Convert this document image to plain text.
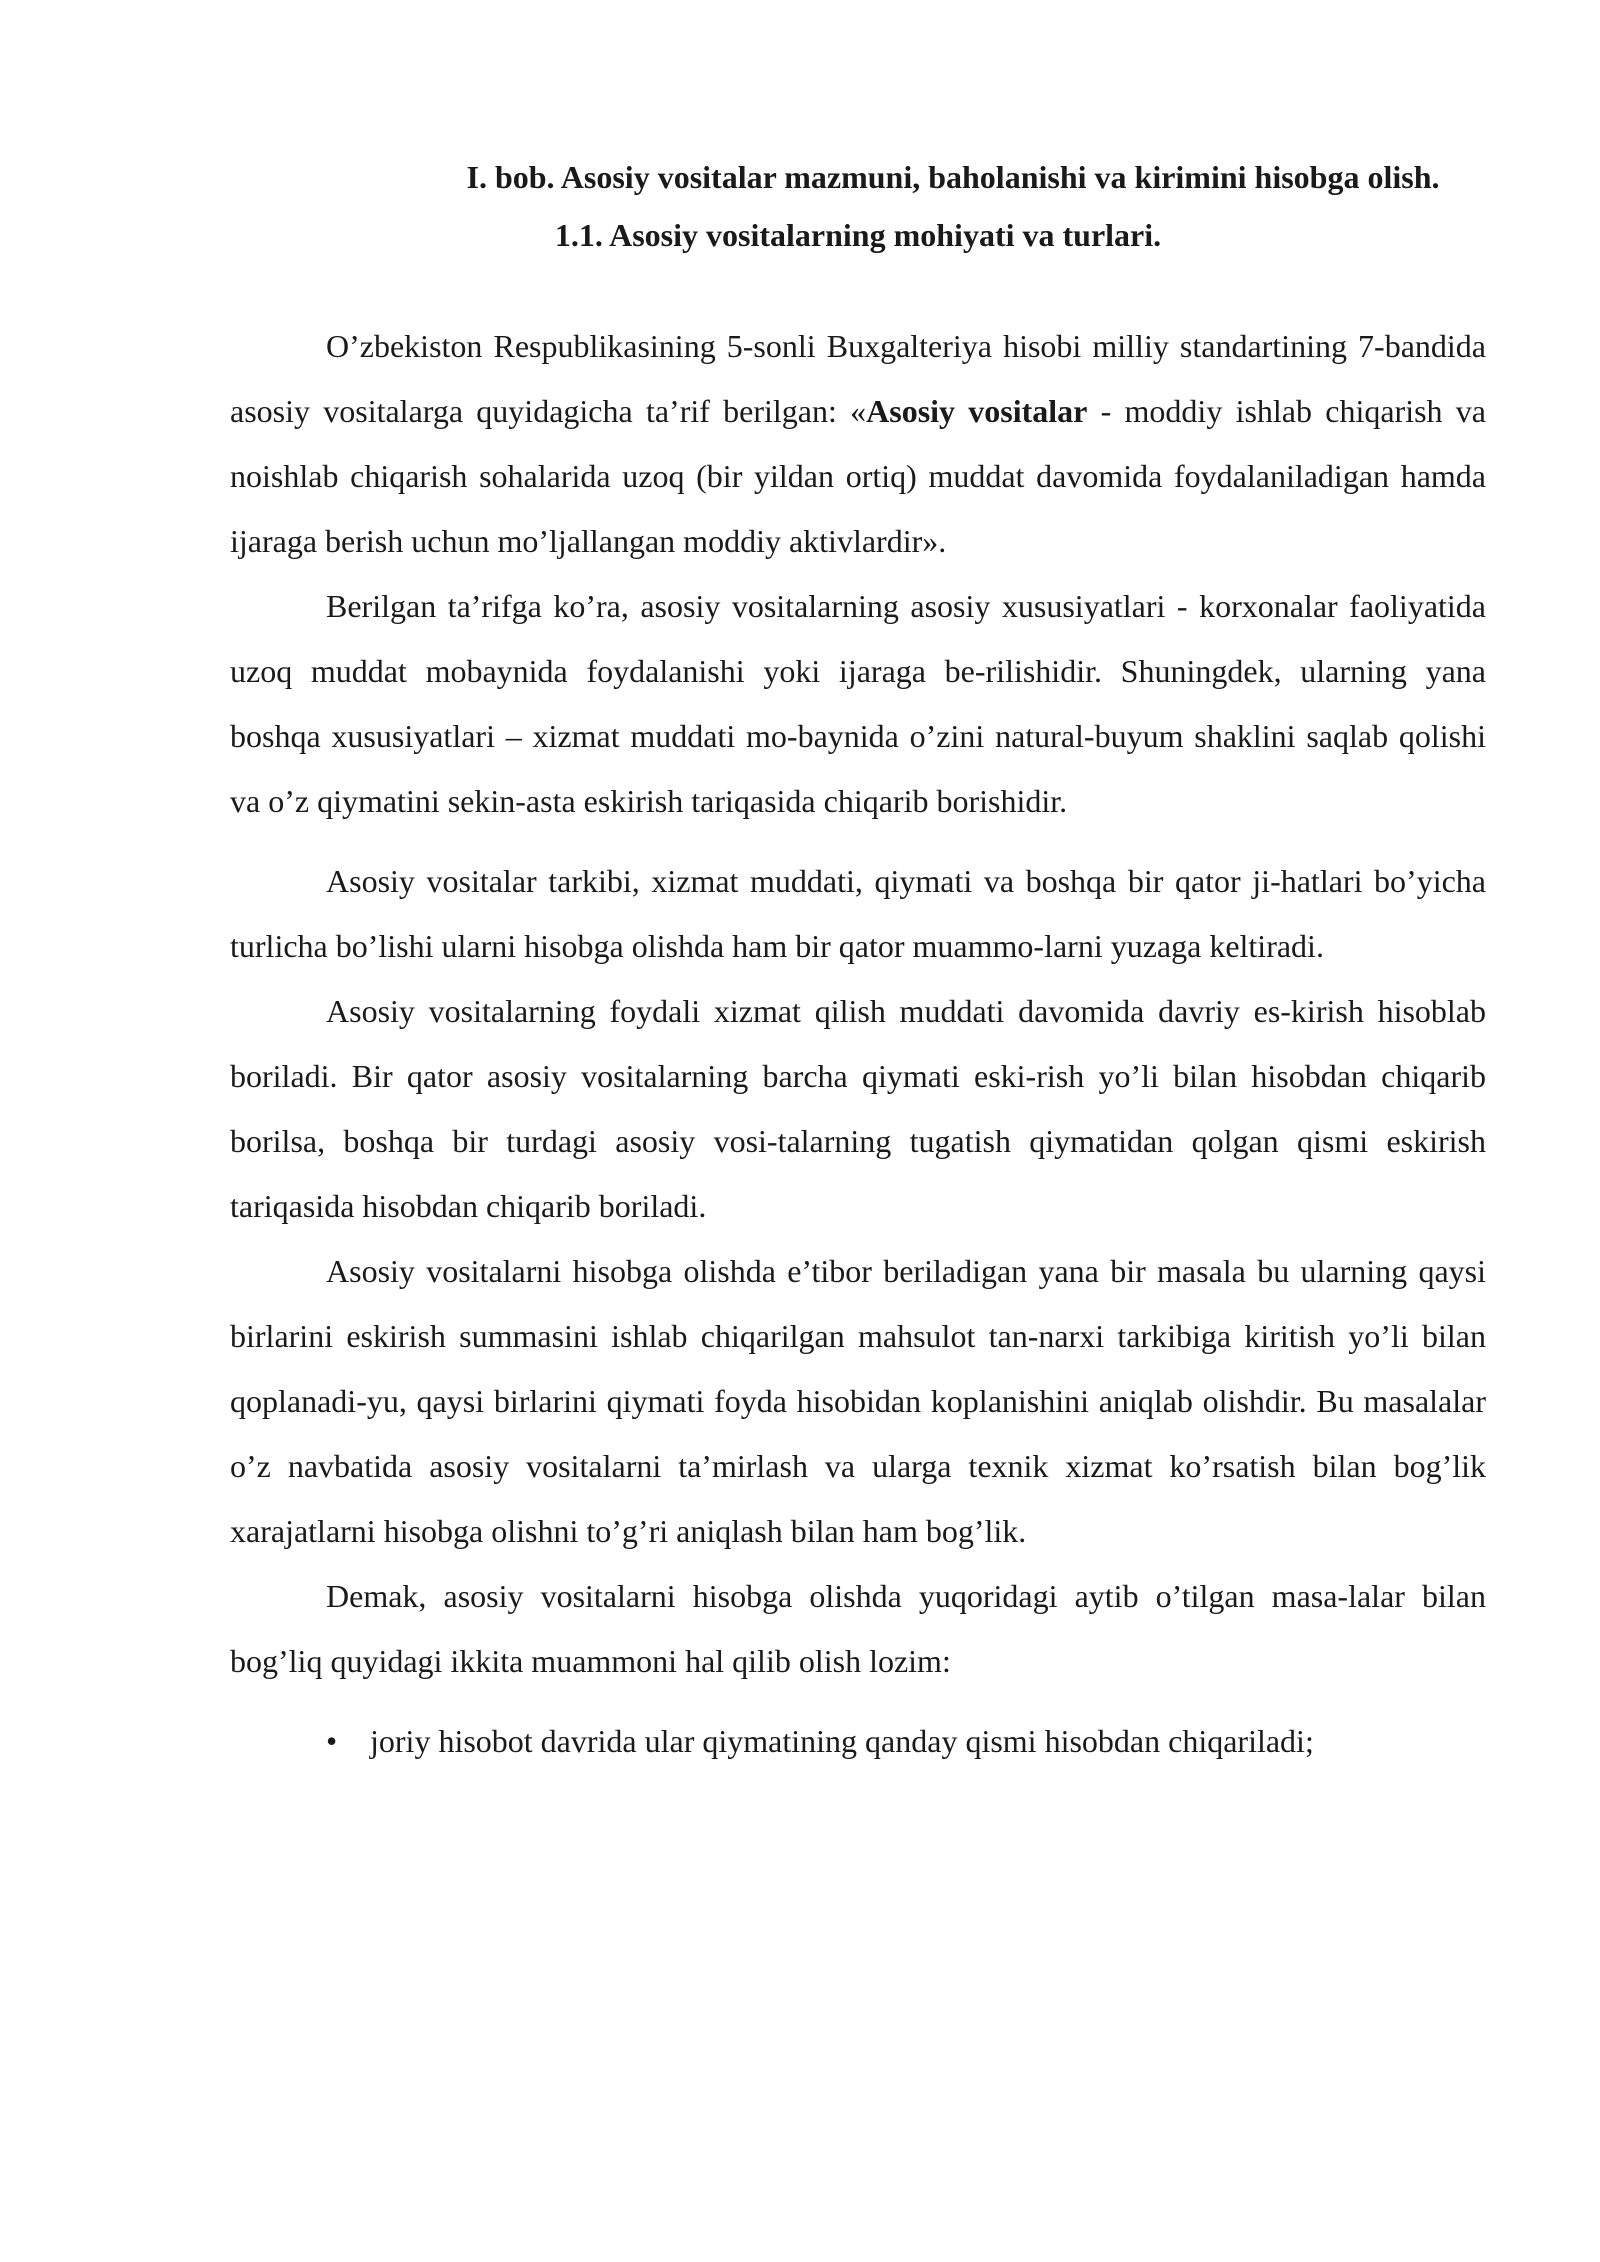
I. bob. Asosiy vositalar mazmuni, baholanishi va kirimini hisobga olish.
1.1. Asosiy vositalarning mohiyati va turlari.

O’zbekiston Respublikasining 5-sonli Buxgalteriya hisobi milliy standartining 7-bandida asosiy vositalarga quyidagicha ta’rif berilgan: «Asosiy vositalar - moddiy ishlab chiqarish va noishlab chiqarish sohalarida uzoq (bir yildan ortiq) muddat davomida foydalaniladigan hamda ijaraga berish uchun mo’ljallangan moddiy aktivlardir».

Berilgan ta’rifga ko’ra, asosiy vositalarning asosiy xususiyatlari - korxonalar faoliyatida uzoq muddat mobaynida foydalanishi yoki ijaraga be-rilishidir. Shuningdek, ularning yana boshqa xususiyatlari – xizmat muddati mo-baynida o’zini natural-buyum shaklini saqlab qolishi va o’z qiymatini sekin-asta eskirish tariqasida chiqarib borishidir.

Asosiy vositalar tarkibi, xizmat muddati, qiymati va boshqa bir qator ji-hatlari bo’yicha turlicha bo’lishi ularni hisobga olishda ham bir qator muammo-larni yuzaga keltiradi.

Asosiy vositalarning foydali xizmat qilish muddati davomida davriy es-kirish hisoblab boriladi. Bir qator asosiy vositalarning barcha qiymati eski-rish yo’li bilan hisobdan chiqarib borilsa, boshqa bir turdagi asosiy vosi-talarning tugatish qiymatidan qolgan qismi eskirish tariqasida hisobdan chiqarib boriladi.

Asosiy vositalarni hisobga olishda e’tibor beriladigan yana bir masala bu ularning qaysi birlarini eskirish summasini ishlab chiqarilgan mahsulot tan-narxi tarkibiga kiritish yo’li bilan qoplanadi-yu, qaysi birlarini qiymati foyda hisobidan koplanishini aniqlab olishdir. Bu masalalar o’z navbatida asosiy vositalarni ta’mirlash va ularga texnik xizmat ko’rsatish bilan bog’lik xarajatlarni hisobga olishni to’g’ri aniqlash bilan ham bog’lik.

Demak, asosiy vositalarni hisobga olishda yuqoridagi aytib o’tilgan masa-lalar bilan bog’liq quyidagi ikkita muammoni hal qilib olish lozim:

•	joriy hisobot davrida ular qiymatining qanday qismi hisobdan chiqariladi;
